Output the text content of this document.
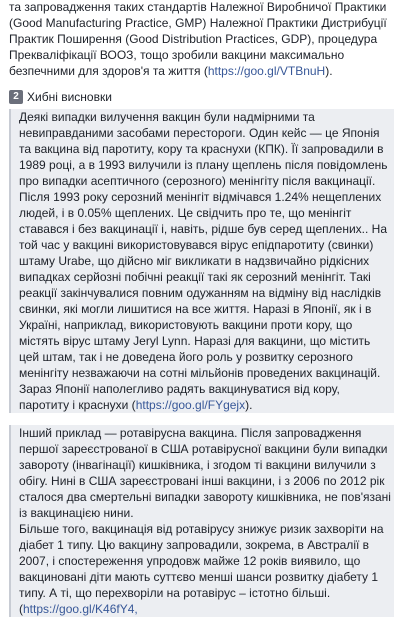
та запровадження таких стандартів Належної Виробничої Практики (Good Manufacturing Practice, GMP) Належної Практики Дистрибуції Практик Поширення (Good Distribution Practices, GDP), процедура Преквaліфікації ВООЗ, тощо зробили вакцини максимально безпечними для здоров'я та життя (https://goo.gl/VTBnuH).

2 Хибні висновки

Деякі випадки вилучення вакцин були надмірними та невиправданими засобами перестороги. Один кейс — це Японія та вакцина від паротиту, кору та краснухи (КПК). Її запровадили в 1989 році, а в 1993 вилучили із плану щеплень після повідомлень про випадки асептичного (серозного) менінгіту після вакцинації.

Після 1993 року серозний менінгіт відмічався 1.24% нещеплених людей, і в 0.05% щеплених. Це свідчить про те, що менінгіт ставався і без вакцинації і, навіть, рідше був серед щеплених.. На той час у вакцині використовувався вірус епідпаротиту (свинки) штаму Urabe, що дійсно міг викликати в надзвичайно рідкісних випадках серйозні побічні реакції такі як серозний менінгіт. Такі реакції закінчувалися повним одужанням на відміну від наслідків свинки, які могли лишитися на все життя. Наразі в Японії, як і в Україні, наприклад, використовують вакцини проти кору, що містять вірус штаму Jeryl Lynn. Наразі для вакцини, що містить цей штам, так і не доведена його роль у розвитку серозного менінгіту незважаючи на сотні мільйонів проведених вакцинацій. Зараз Японії наполегливо радять вакцинуватися від кору, паротиту і краснухи (https://goo.gl/FYgejx).

Інший приклад — ротавірусна вакцина. Після запровадження першої зареєстрованої в США ротавірусної вакцини були випадки завороту (інвагінації) кишківника, і згодом ті вакцини вилучили з обігу. Нині в США зареєстровані інші вакцини, і з 2006 по 2012 рік сталося два смертельні випадки завороту кишківника, не пов'язані із вакцинацією нини.

Більше того, вакцинація від ротавірусу знижує ризик захворіти на діабет 1 типу. Цю вакцину запровадили, зокрема, в Австралії в 2007, і спостереження упродовж майже 12 років виявило, що вакциновані діти мають суттєво менші шанси розвитку діабету 1 типу. А ті, що перехворіли на ротавірус – істотно більші. (https://goo.gl/K46fY4,
